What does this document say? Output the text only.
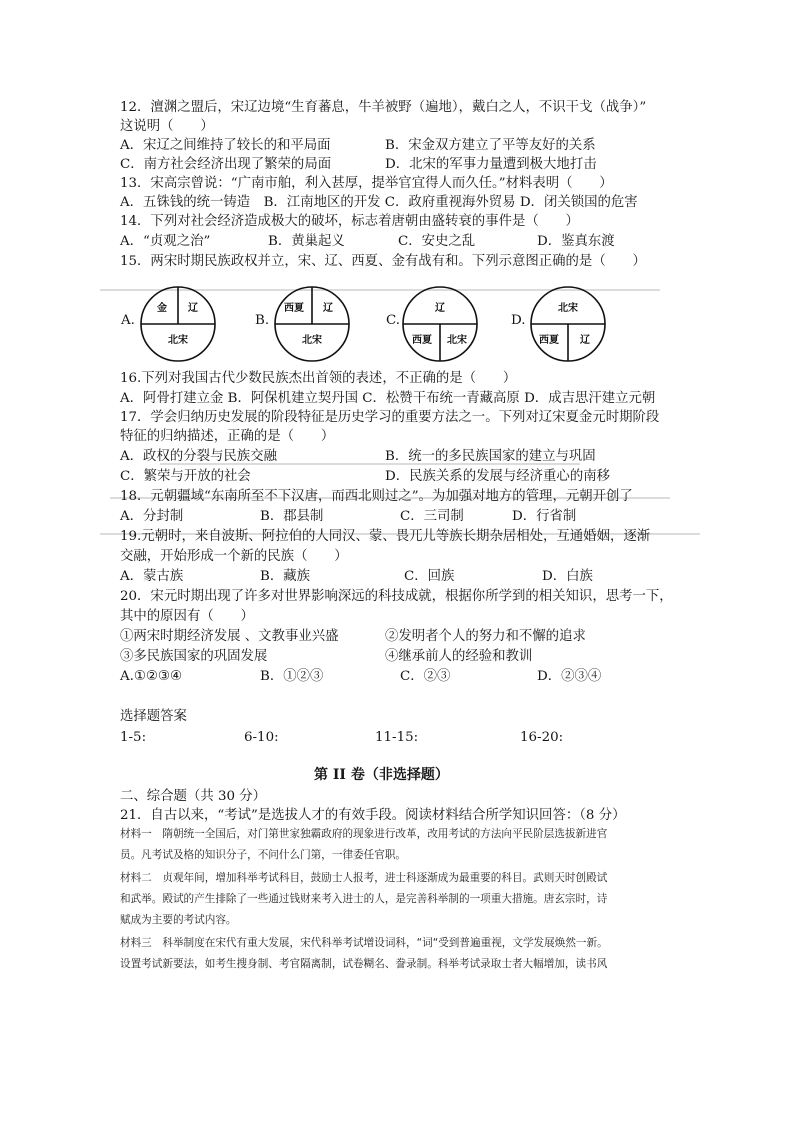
12．澶渊之盟后，宋辽边境“生育蕃息，牛羊被野（遍地），戴白之人，不识干戈（战争）”
这说明（　　）
A．宋辽之间维持了较长的和平局面	B．宋金双方建立了平等友好的关系
C．南方社会经济出现了繁荣的局面	D．北宋的军事力量遭到极大地打击
13．宋高宗曾说：“广南市舶，利入甚厚，提举官宜得人而久任。”材料表明（　　）
A．五铢钱的统一铸造　B．江南地区的开发 C．政府重视海外贸易 D．闭关锁国的危害
14．下列对社会经济造成极大的破坏，标志着唐朝由盛转衰的事件是（　　）
A．“贞观之治”	B．黄巢起义	C．安史之乱	D．鉴真东渡
15．两宋时期民族政权并立，宋、辽、西夏、金有战有和。下列示意图正确的是（　　）
A.
金 辽
北宋
B.
西夏 辽
北宋
C.
辽
西夏 北宋
D.
北宋
西夏 辽
16.下列对我国古代少数民族杰出首领的表述，不正确的是（　　）
A．阿骨打建立金 B．阿保机建立契丹国 C．松赞干布统一青藏高原 D．成吉思汗建立元朝
17．学会归纳历史发展的阶段特征是历史学习的重要方法之一。下列对辽宋夏金元时期阶段
特征的归纳描述，正确的是（　　）
A．政权的分裂与民族交融	B．统一的多民族国家的建立与巩固
C．繁荣与开放的社会	D．民族关系的发展与经济重心的南移
18．元朝疆域“东南所至不下汉唐，而西北则过之”。为加强对地方的管理，元朝开创了
A．分封制	B．郡县制	C．三司制	D．行省制
19.元朝时，来自波斯、阿拉伯的人同汉、蒙、畏兀儿等族长期杂居相处，互通婚姻，逐渐
交融，开始形成一个新的民族（　　）
A．蒙古族	B．藏族	C．回族	D．白族
20．宋元时期出现了许多对世界影响深远的科技成就，根据你所学到的相关知识，思考一下，
其中的原因有（　　）
①两宋时期经济发展 、文教事业兴盛	②发明者个人的努力和不懈的追求
③多民族国家的巩固发展	④继承前人的经验和教训
A.①②③④	B．①②③	C．②③	D．②③④
选择题答案
1-5:	6-10:	11-15:	16-20:
第 II 卷（非选择题）
二、综合题（共 30 分）
21．自古以来，“考试”是选拔人才的有效手段。阅读材料结合所学知识回答：（8 分）
材料一　隋朝统一全国后，对门第世家独霸政府的现象进行改革，改用考试的方法向平民阶层选拔新进官
员。凡考试及格的知识分子，不问什么门第，一律委任官职。
材料二　贞观年间，增加科举考试科目，鼓励士人报考，进士科逐渐成为最重要的科目。武则天时创殿试
和武举。殿试的产生排除了一些通过钱财来考入进士的人，是完善科举制的一项重大措施。唐玄宗时，诗
赋成为主要的考试内容。
材料三　科举制度在宋代有重大发展，宋代科举考试增设词科，“词“受到普遍重视，文学发展焕然一新。
设置考试新要法，如考生搜身制、考官隔离制，试卷糊名、誊录制。科举考试录取士者大幅增加，读书风
